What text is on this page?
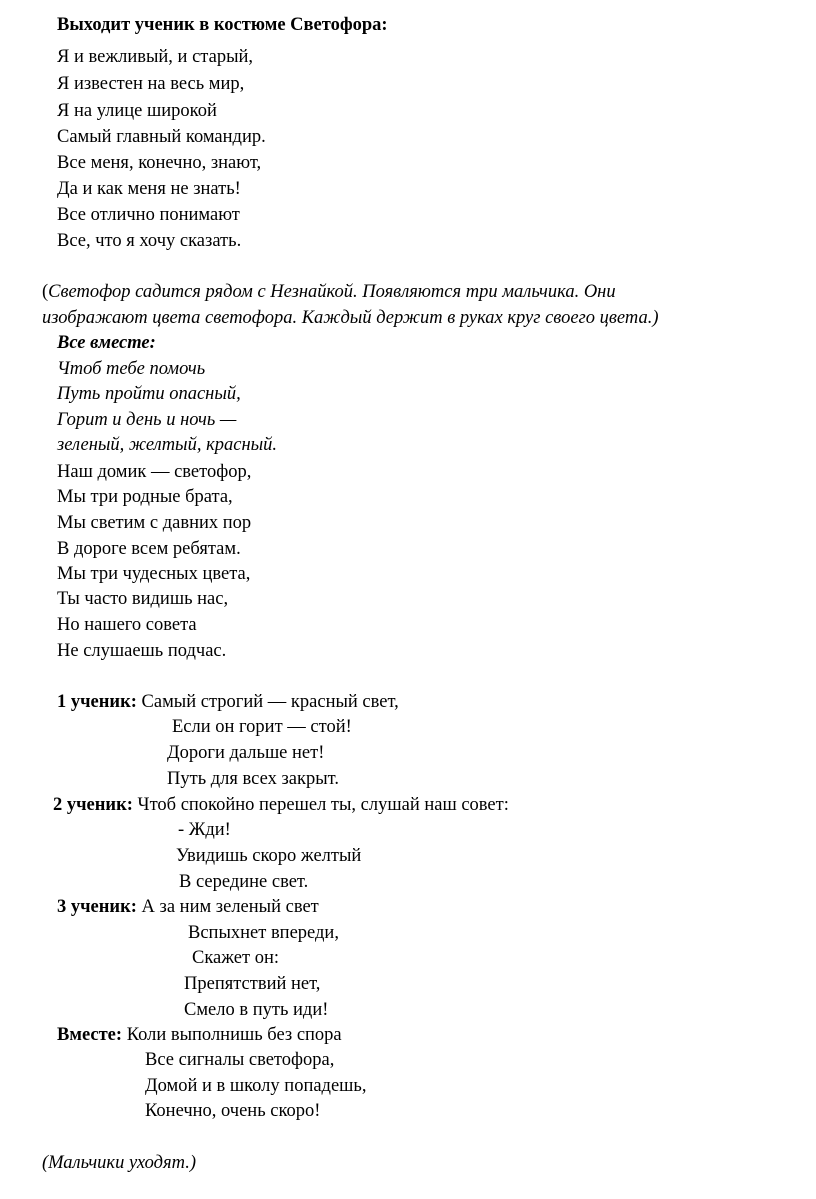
Выходит ученик в костюме Светофора:
Я и вежливый, и старый,
Я известен на весь мир,
Я на улице широкой
Самый главный командир.
Все меня, конечно, знают,
Да и как меня не знать!
Все отлично понимают
Все, что я хочу сказать.
(Светофор садится рядом с Незнайкой. Появляются три мальчика. Они
изображают цвета светофора. Каждый держит в руках круг своего цвета.)
Все вместе:
Чтоб тебе помочь
Путь пройти опасный,
Горит и день и ночь —
зеленый, желтый, красный.
Наш домик — светофор,
Мы три родные брата,
Мы светим с давних пор
В дороге всем ребятам.
Мы три чудесных цвета,
Ты часто видишь нас,
Но нашего совета
Не слушаешь подчас.
1 ученик: Самый строгий — красный свет,
Если он горит — стой!
Дороги дальше нет!
Путь для всех закрыт.
2 ученик: Чтоб спокойно перешел ты, слушай наш совет:
- Жди!
Увидишь скоро желтый
В середине свет.
3 ученик: А за ним зеленый свет
Вспыхнет впереди,
Скажет он:
Препятствий нет,
Смело в путь иди!
Вместе: Коли выполнишь без спора
Все сигналы светофора,
Домой и в школу попадешь,
Конечно, очень скоро!
(Мальчики уходят.)
